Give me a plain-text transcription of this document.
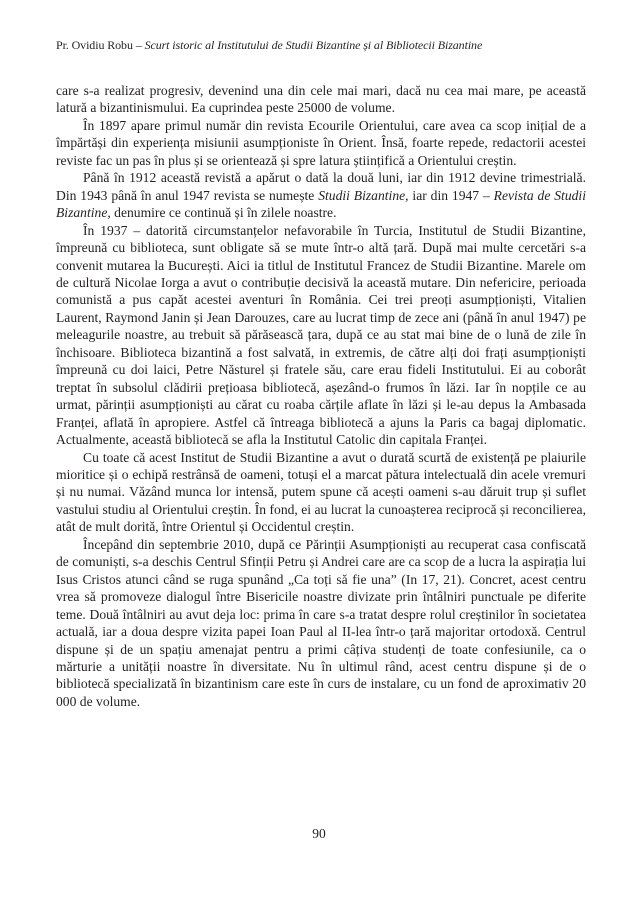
Pr. Ovidiu Robu – Scurt istoric al Institutului de Studii Bizantine și al Bibliotecii Bizantine

care s-a realizat progresiv, devenind una din cele mai mari, dacă nu cea mai mare, pe această latură a bizantinismului. Ea cuprindea peste 25000 de volume.

În 1897 apare primul număr din revista Ecourile Orientului, care avea ca scop inițial de a împărtăși din experiența misiunii asumpționiste în Orient. Însă, foarte repede, redactorii acestei reviste fac un pas în plus și se orientează și spre latura științifică a Orientului creștin.

Până în 1912 această revistă a apărut o dată la două luni, iar din 1912 devine trimestrială. Din 1943 până în anul 1947 revista se numește Studii Bizantine, iar din 1947 – Revista de Studii Bizantine, denumire ce continuă și în zilele noastre.

În 1937 – datorită circumstanțelor nefavorabile în Turcia, Institutul de Studii Bizantine, împreună cu biblioteca, sunt obligate să se mute într-o altă țară. După mai multe cercetări s-a convenit mutarea la București. Aici ia titlul de Institutul Francez de Studii Bizantine. Marele om de cultură Nicolae Iorga a avut o contribuție decisivă la această mutare. Din nefericire, perioada comunistă a pus capăt acestei aventuri în România. Cei trei preoți asumpționiști, Vitalien Laurent, Raymond Janin și Jean Darouzes, care au lucrat timp de zece ani (până în anul 1947) pe meleagurile noastre, au trebuit să părăsească țara, după ce au stat mai bine de o lună de zile în închisoare. Biblioteca bizantină a fost salvată, in extremis, de către alți doi frați asumpționiști împreună cu doi laici, Petre Năsturel și fratele său, care erau fideli Institutului. Ei au coborât treptat în subsolul clădirii prețioasa bibliotecă, așezând-o frumos în lăzi. Iar în nopțile ce au urmat, părinții asumpționiști au cărat cu roaba cărțile aflate în lăzi și le-au depus la Ambasada Franței, aflată în apropiere. Astfel că întreaga bibliotecă a ajuns la Paris ca bagaj diplomatic. Actualmente, această bibliotecă se afla la Institutul Catolic din capitala Franței.

Cu toate că acest Institut de Studii Bizantine a avut o durată scurtă de existență pe plaiurile mioritice și o echipă restrânsă de oameni, totuși el a marcat pătura intelectuală din acele vremuri și nu numai. Văzând munca lor intensă, putem spune că acești oameni s-au dăruit trup și suflet vastului studiu al Orientului creștin. În fond, ei au lucrat la cunoașterea reciprocă și reconcilierea, atât de mult dorită, între Orientul și Occidentul creștin.

Începând din septembrie 2010, după ce Părinții Asumpționiști au recuperat casa confiscată de comuniști, s-a deschis Centrul Sfinții Petru și Andrei care are ca scop de a lucra la aspirația lui Isus Cristos atunci când se ruga spunând „Ca toți să fie una” (In 17, 21). Concret, acest centru vrea să promoveze dialogul între Bisericile noastre divizate prin întâlniri punctuale pe diferite teme. Două întâlniri au avut deja loc: prima în care s-a tratat despre rolul creștinilor în societatea actuală, iar a doua despre vizita papei Ioan Paul al II-lea într-o țară majoritar ortodoxă. Centrul dispune și de un spațiu amenajat pentru a primi câțiva studenți de toate confesiunile, ca o mărturie a unității noastre în diversitate. Nu în ultimul rând, acest centru dispune și de o bibliotecă specializată în bizantinism care este în curs de instalare, cu un fond de aproximativ 20 000 de volume.

90
